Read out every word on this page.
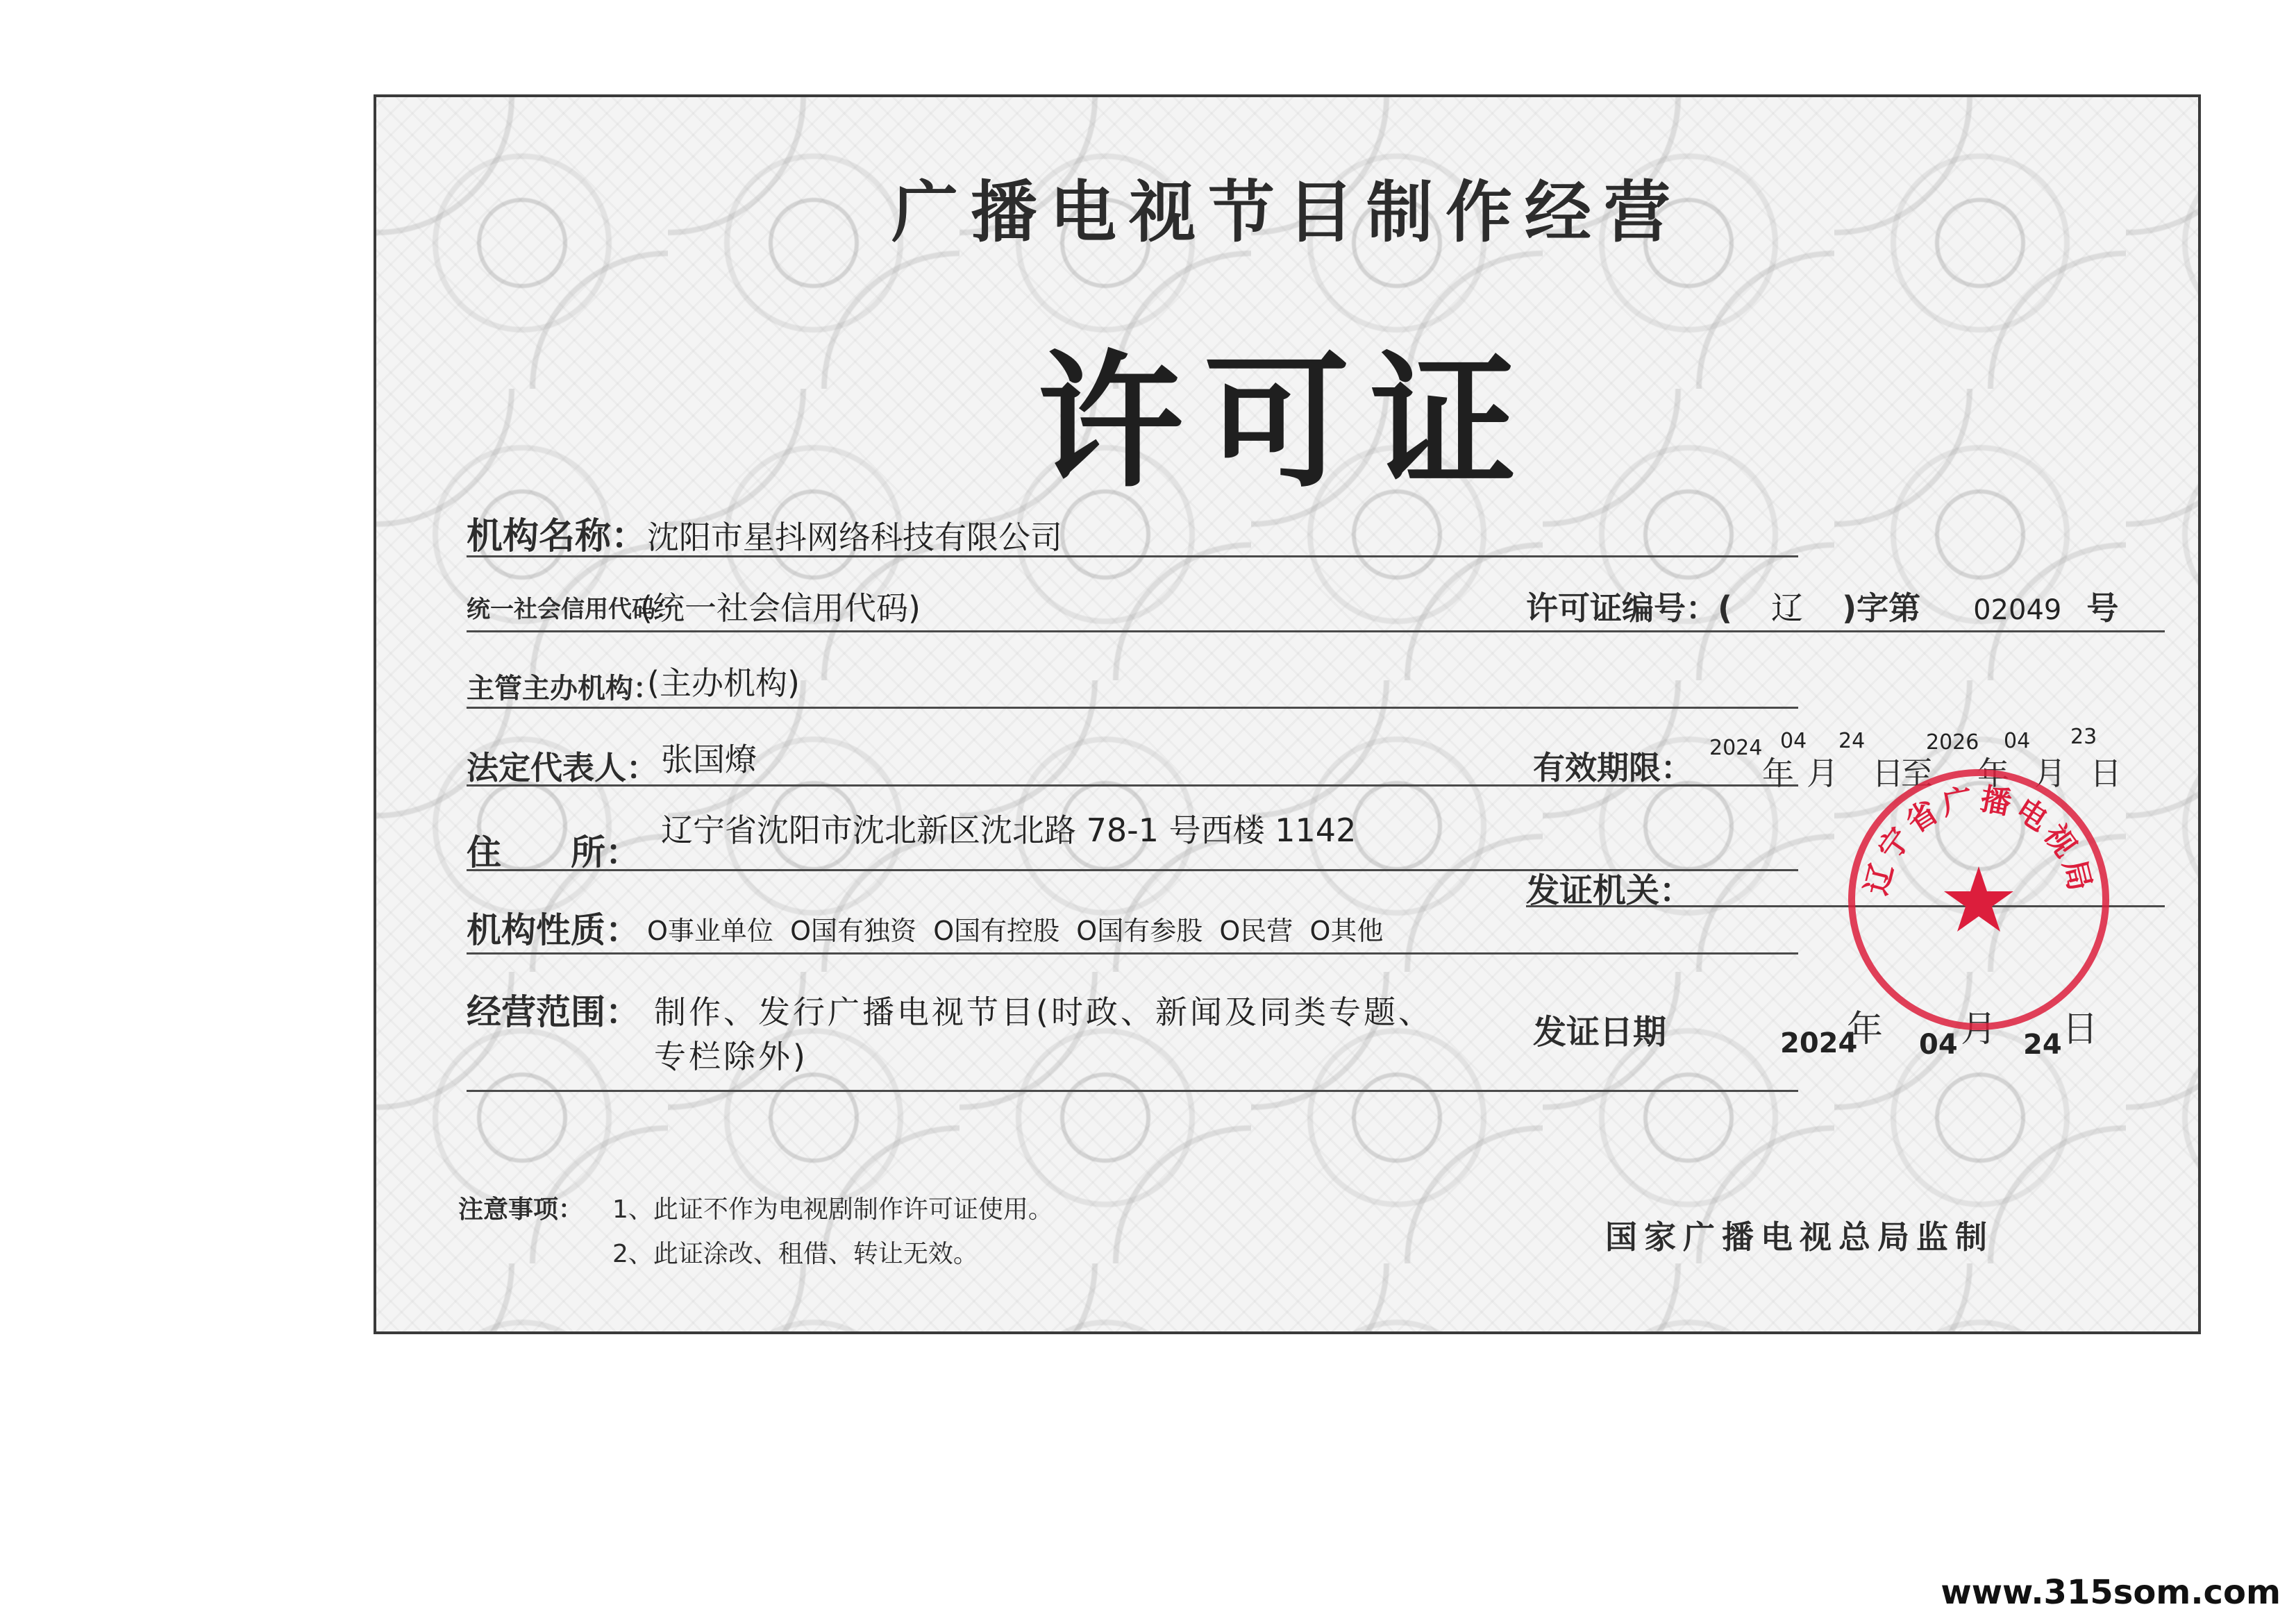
广播电视节目制作经营
许可证
机构名称： 沈阳市星抖网络科技有限公司
统一社会信用代码：
(统一社会信用代码)
主管主办机构：
(主办机构)
法定代表人： 张国燎
住　　所：
辽宁省沈阳市沈北新区沈北路 78-1 号西楼 1142
机构性质： O事业单位 O国有独资 O国有控股 O国有参股 O民营 O其他
经营范围： 制作、发行广播电视节目(时政、新闻及同类专题、
专栏除外)
许可证编号：( 辽 )字第 02049 号
有效期限：
2024
年
04
月
24
日
至
2026
年
04
月
23
日
发证机关：
发证日期	2024
年 04 月 24 日
辽宁省广播电视局
注意事项： 1、此证不作为电视剧制作许可证使用。
2、此证涂改、租借、转让无效。	国家广播电视总局监制
www.315som.com
